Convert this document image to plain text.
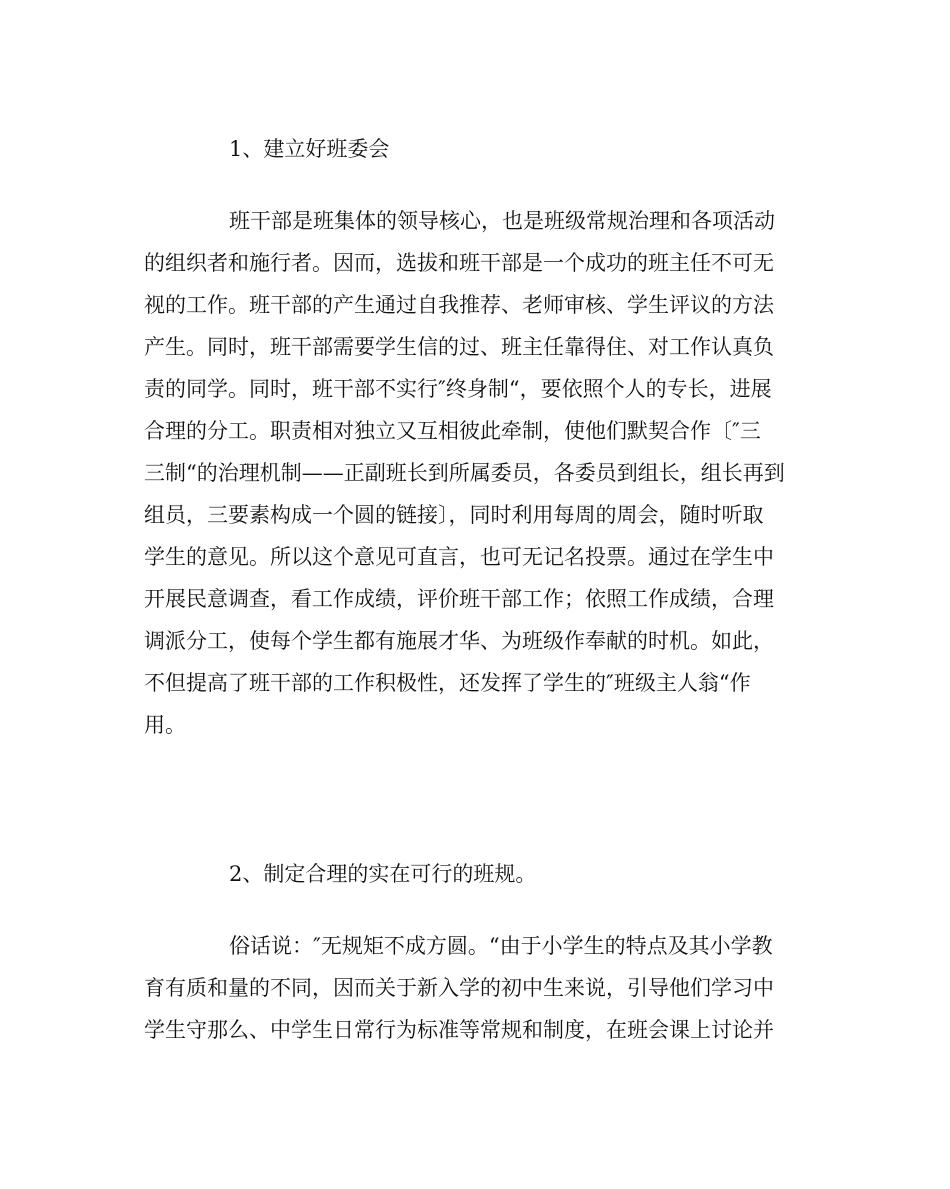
1、建立好班委会
班干部是班集体的领导核心，也是班级常规治理和各项活动
的组织者和施行者。因而，选拔和班干部是一个成功的班主任不可无
视的工作。班干部的产生通过自我推荐、老师审核、学生评议的方法
产生。同时，班干部需要学生信的过、班主任靠得住、对工作认真负
责的同学。同时，班干部不实行″终身制“，要依照个人的专长，进展
合理的分工。职责相对独立又互相彼此牵制，使他们默契合作〔″三
三制“的治理机制——正副班长到所属委员，各委员到组长，组长再到
组员，三要素构成一个圆的链接〕，同时利用每周的周会，随时听取
学生的意见。所以这个意见可直言，也可无记名投票。通过在学生中
开展民意调查，看工作成绩，评价班干部工作；依照工作成绩，合理
调派分工，使每个学生都有施展才华、为班级作奉献的时机。如此，
不但提高了班干部的工作积极性，还发挥了学生的″班级主人翁“作
用。
2、制定合理的实在可行的班规。
俗话说：″无规矩不成方圆。“由于小学生的特点及其小学教
育有质和量的不同，因而关于新入学的初中生来说，引导他们学习中
学生守那么、中学生日常行为标准等常规和制度，在班会课上讨论并
